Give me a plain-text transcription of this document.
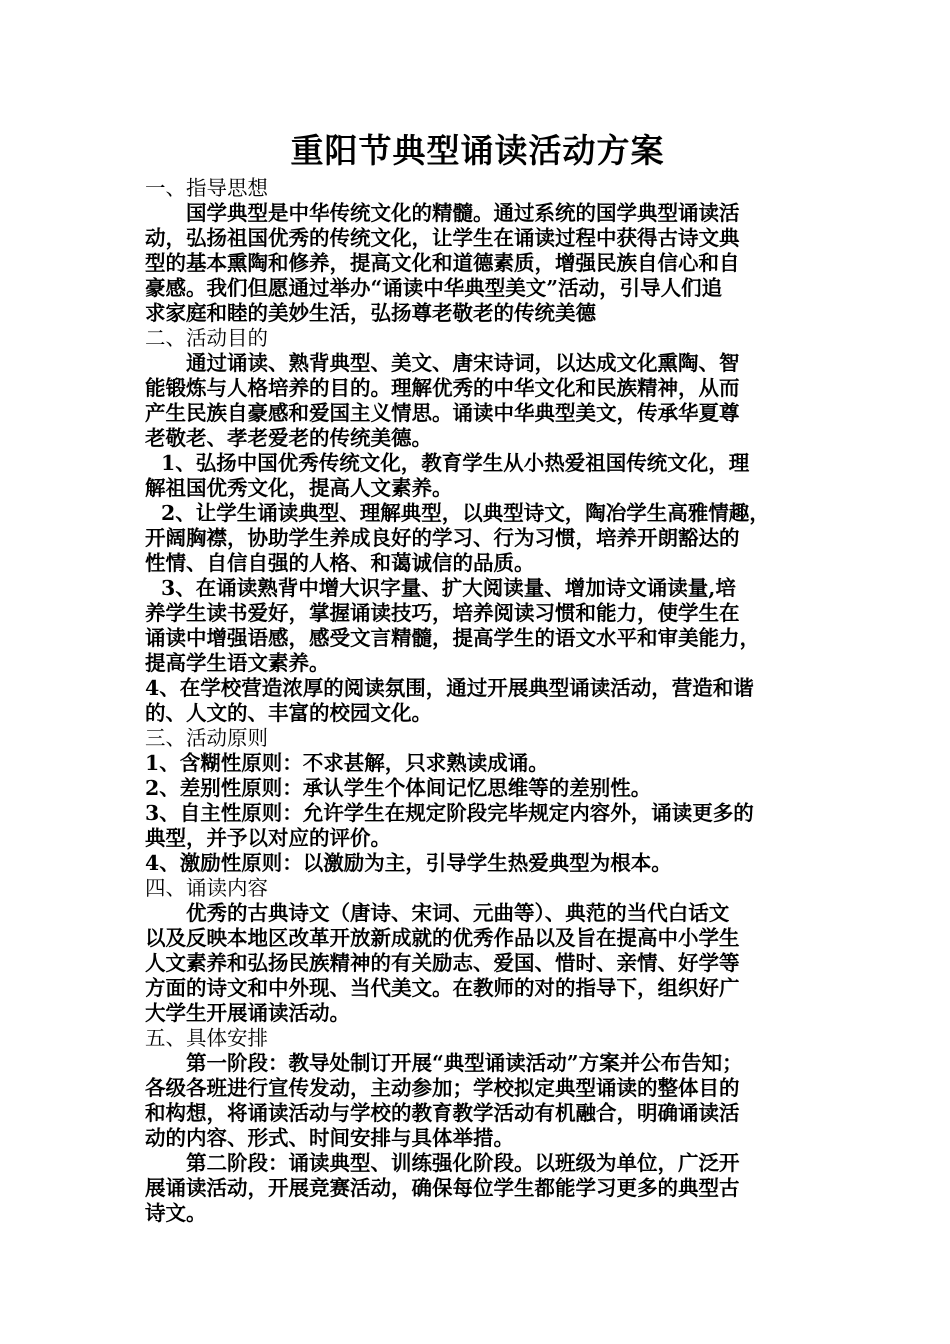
重阳节典型诵读活动方案
一、指导思想
国学典型是中华传统文化的精髓。通过系统的国学典型诵读活
动，弘扬祖国优秀的传统文化，让学生在诵读过程中获得古诗文典
型的基本熏陶和修养，提高文化和道德素质，增强民族自信心和自
豪感。我们但愿通过举办“诵读中华典型美文”活动，引导人们追
求家庭和睦的美妙生活，弘扬尊老敬老的传统美德
二、活动目的
通过诵读、熟背典型、美文、唐宋诗词，以达成文化熏陶、智
能锻炼与人格培养的目的。理解优秀的中华文化和民族精神，从而
产生民族自豪感和爱国主义情思。诵读中华典型美文，传承华夏尊
老敬老、孝老爱老的传统美德。
1、弘扬中国优秀传统文化，教育学生从小热爱祖国传统文化，理
解祖国优秀文化，提高人文素养。
2、让学生诵读典型、理解典型，以典型诗文，陶冶学生高雅情趣，
开阔胸襟，协助学生养成良好的学习、行为习惯，培养开朗豁达的
性情、自信自强的人格、和蔼诚信的品质。
3、在诵读熟背中增大识字量、扩大阅读量、增加诗文诵读量,培
养学生读书爱好，掌握诵读技巧，培养阅读习惯和能力，使学生在
诵读中增强语感，感受文言精髓，提高学生的语文水平和审美能力，
提高学生语文素养。
4、在学校营造浓厚的阅读氛围，通过开展典型诵读活动，营造和谐
的、人文的、丰富的校园文化。
三、活动原则
1、含糊性原则：不求甚解，只求熟读成诵。
2、差别性原则：承认学生个体间记忆思维等的差别性。
3、自主性原则：允许学生在规定阶段完毕规定内容外，诵读更多的
典型，并予以对应的评价。
4、激励性原则：以激励为主，引导学生热爱典型为根本。
四、诵读内容
优秀的古典诗文（唐诗、宋词、元曲等）、典范的当代白话文
以及反映本地区改革开放新成就的优秀作品以及旨在提高中小学生
人文素养和弘扬民族精神的有关励志、爱国、惜时、亲情、好学等
方面的诗文和中外现、当代美文。在教师的对的指导下，组织好广
大学生开展诵读活动。
五、具体安排
第一阶段：教导处制订开展“典型诵读活动”方案并公布告知；
各级各班进行宣传发动，主动参加；学校拟定典型诵读的整体目的
和构想，将诵读活动与学校的教育教学活动有机融合，明确诵读活
动的内容、形式、时间安排与具体举措。
第二阶段：诵读典型、训练强化阶段。以班级为单位，广泛开
展诵读活动，开展竞赛活动，确保每位学生都能学习更多的典型古
诗文。
